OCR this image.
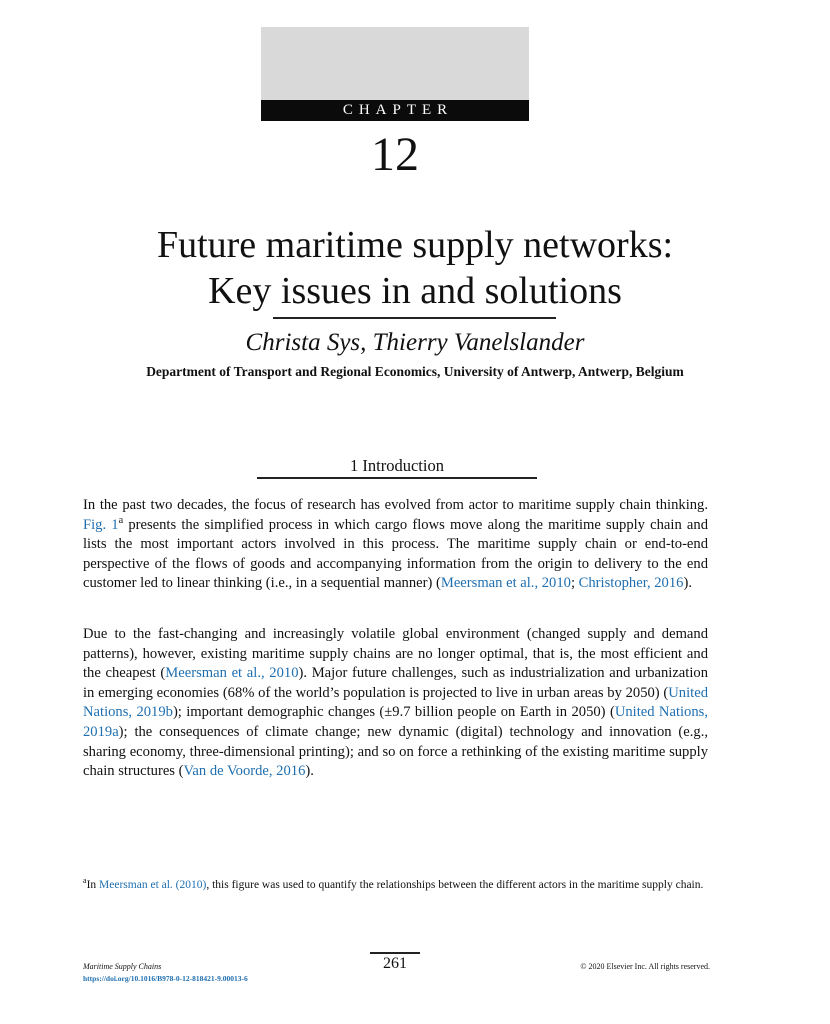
CHAPTER
12
Future maritime supply networks:
Key issues in and solutions
Christa Sys, Thierry Vanelslander
Department of Transport and Regional Economics, University of Antwerp, Antwerp, Belgium
1 Introduction

In the past two decades, the focus of research has evolved from actor to maritime supply chain thinking. Fig. 1$^a$ presents the simplified process in which cargo flows move along the maritime supply chain and lists the most important actors involved in this process. The maritime supply chain or end-to-end perspective of the flows of goods and accompanying information from the origin to delivery to the end customer led to linear thinking (i.e., in a sequential manner) (Meersman et al., 2010; Christopher, 2016).

Due to the fast-changing and increasingly volatile global environment (changed supply and demand patterns), however, existing maritime supply chains are no longer optimal, that is, the most efficient and the cheapest (Meersman et al., 2010). Major future challenges, such as industrialization and urbanization in emerging economies (68% of the world’s population is projected to live in urban areas by 2050) (United Nations, 2019b); important demographic changes (±9.7 billion people on Earth in 2050) (United Nations, 2019a); the consequences of climate change; new dynamic (digital) technology and innovation (e.g., sharing economy, three-dimensional printing); and so on force a rethinking of the existing maritime supply chain structures (Van de Voorde, 2016).

$^a$In Meersman et al. (2010), this figure was used to quantify the relationships between the different actors in the maritime supply chain.
261
Maritime Supply Chains
https://doi.org/10.1016/B978-0-12-818421-9.00013-6
© 2020 Elsevier Inc. All rights reserved.
